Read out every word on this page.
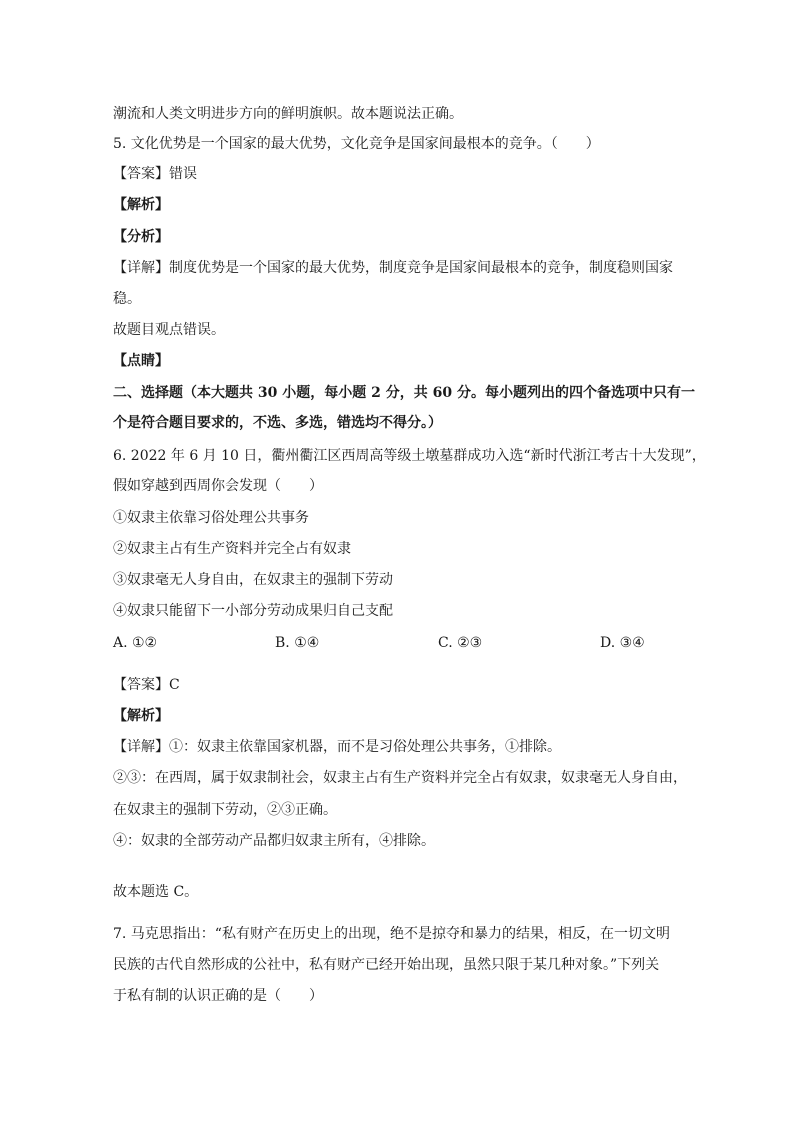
潮流和人类文明进步方向的鲜明旗帜。故本题说法正确。
5. 文化优势是一个国家的最大优势，文化竞争是国家间最根本的竞争。（　　）
【答案】错误
【解析】
【分析】
【详解】制度优势是一个国家的最大优势，制度竞争是国家间最根本的竞争，制度稳则国家
稳。
故题目观点错误。
【点睛】
二、选择题（本大题共 30 小题，每小题 2 分，共 60 分。每小题列出的四个备选项中只有一
个是符合题目要求的，不选、多选，错选均不得分。）
6. 2022 年 6 月 10 日，衢州衢江区西周高等级土墩墓群成功入选“新时代浙江考古十大发现”，
假如穿越到西周你会发现（　　）
①奴隶主依靠习俗处理公共事务
②奴隶主占有生产资料并完全占有奴隶
③奴隶毫无人身自由，在奴隶主的强制下劳动
④奴隶只能留下一小部分劳动成果归自己支配
A. ①②	B. ①④	C. ②③	D. ③④
【答案】C
【解析】
【详解】①：奴隶主依靠国家机器，而不是习俗处理公共事务，①排除。
②③：在西周，属于奴隶制社会，奴隶主占有生产资料并完全占有奴隶，奴隶毫无人身自由，
在奴隶主的强制下劳动，②③正确。
④：奴隶的全部劳动产品都归奴隶主所有，④排除。
故本题选 C。
7. 马克思指出：“私有财产在历史上的出现，绝不是掠夺和暴力的结果，相反，在一切文明
民族的古代自然形成的公社中，私有财产已经开始出现，虽然只限于某几种对象。”下列关
于私有制的认识正确的是（　　）
